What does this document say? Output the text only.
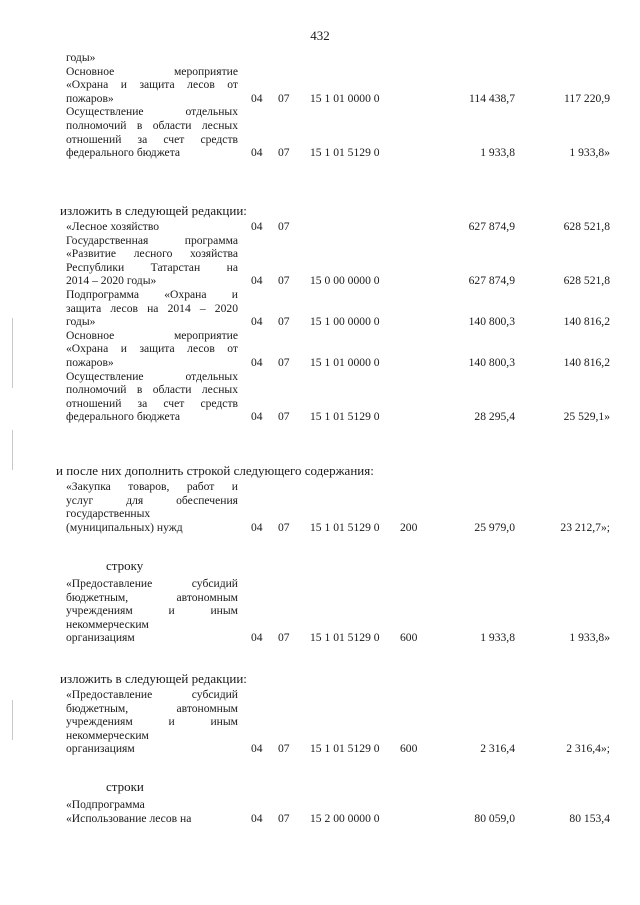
432
годы»
Основное мероприятие
«Охрана и защита лесов от
пожаров»	04 07 15 1 01 0000 0	114 438,7	117 220,9
Осуществление отдельных
полномочий в области лесных
отношений за счет средств
федерального бюджета	04 07 15 1 01 5129 0	1 933,8	1 933,8»
изложить в следующей редакции:
«Лесное хозяйство	04 07	627 874,9	628 521,8
Государственная программа
«Развитие лесного хозяйства
Республики Татарстан на
2014 – 2020 годы»	04 07 15 0 00 0000 0	627 874,9	628 521,8
Подпрограмма «Охрана и
защита лесов на 2014 – 2020
годы»	04 07 15 1 00 0000 0	140 800,3	140 816,2
Основное мероприятие
«Охрана и защита лесов от
пожаров»	04 07 15 1 01 0000 0	140 800,3	140 816,2
Осуществление отдельных
полномочий в области лесных
отношений за счет средств
федерального бюджета	04 07 15 1 01 5129 0	28 295,4	25 529,1»
и после них дополнить строкой следующего содержания:
«Закупка товаров, работ и
услуг для обеспечения
государственных
(муниципальных) нужд	04 07 15 1 01 5129 0 200	25 979,0	23 212,7»;
строку
«Предоставление субсидий
бюджетным, автономным
учреждениям и иным
некоммерческим
организациям	04 07 15 1 01 5129 0 600	1 933,8	1 933,8»
изложить в следующей редакции:
«Предоставление субсидий
бюджетным, автономным
учреждениям и иным
некоммерческим
организациям	04 07 15 1 01 5129 0 600	2 316,4	2 316,4»;
строки
«Подпрограмма
«Использование лесов на	04 07 15 2 00 0000 0	80 059,0	80 153,4
